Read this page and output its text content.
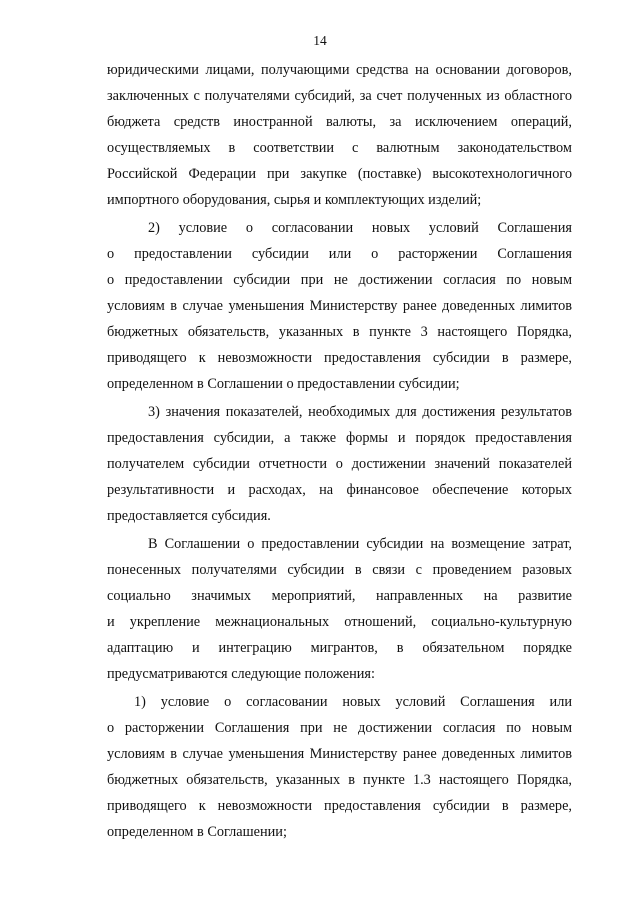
14
юридическими лицами, получающими средства на основании договоров,
заключенных с получателями субсидий, за счет полученных из областного
бюджета средств иностранной валюты, за исключением операций,
осуществляемых в соответствии с валютным законодательством
Российской Федерации при закупке (поставке) высокотехнологичного
импортного оборудования, сырья и комплектующих изделий;
2) условие о согласовании новых условий Соглашения
о предоставлении субсидии или о расторжении Соглашения
о предоставлении субсидии при не достижении согласия по новым
условиям в случае уменьшения Министерству ранее доведенных лимитов
бюджетных обязательств, указанных в пункте 3 настоящего Порядка,
приводящего к невозможности предоставления субсидии в размере,
определенном в Соглашении о предоставлении субсидии;
3) значения показателей, необходимых для достижения результатов
предоставления субсидии, а также формы и порядок предоставления
получателем субсидии отчетности о достижении значений показателей
результативности и расходах, на финансовое обеспечение которых
предоставляется субсидия.
В Соглашении о предоставлении субсидии на возмещение затрат,
понесенных получателями субсидии в связи с проведением разовых
социально значимых мероприятий, направленных на развитие
и укрепление межнациональных отношений, социально-культурную
адаптацию и интеграцию мигрантов, в обязательном порядке
предусматриваются следующие положения:
1) условие о согласовании новых условий Соглашения или
о расторжении Соглашения при не достижении согласия по новым
условиям в случае уменьшения Министерству ранее доведенных лимитов
бюджетных обязательств, указанных в пункте 1.3 настоящего Порядка,
приводящего к невозможности предоставления субсидии в размере,
определенном в Соглашении;
